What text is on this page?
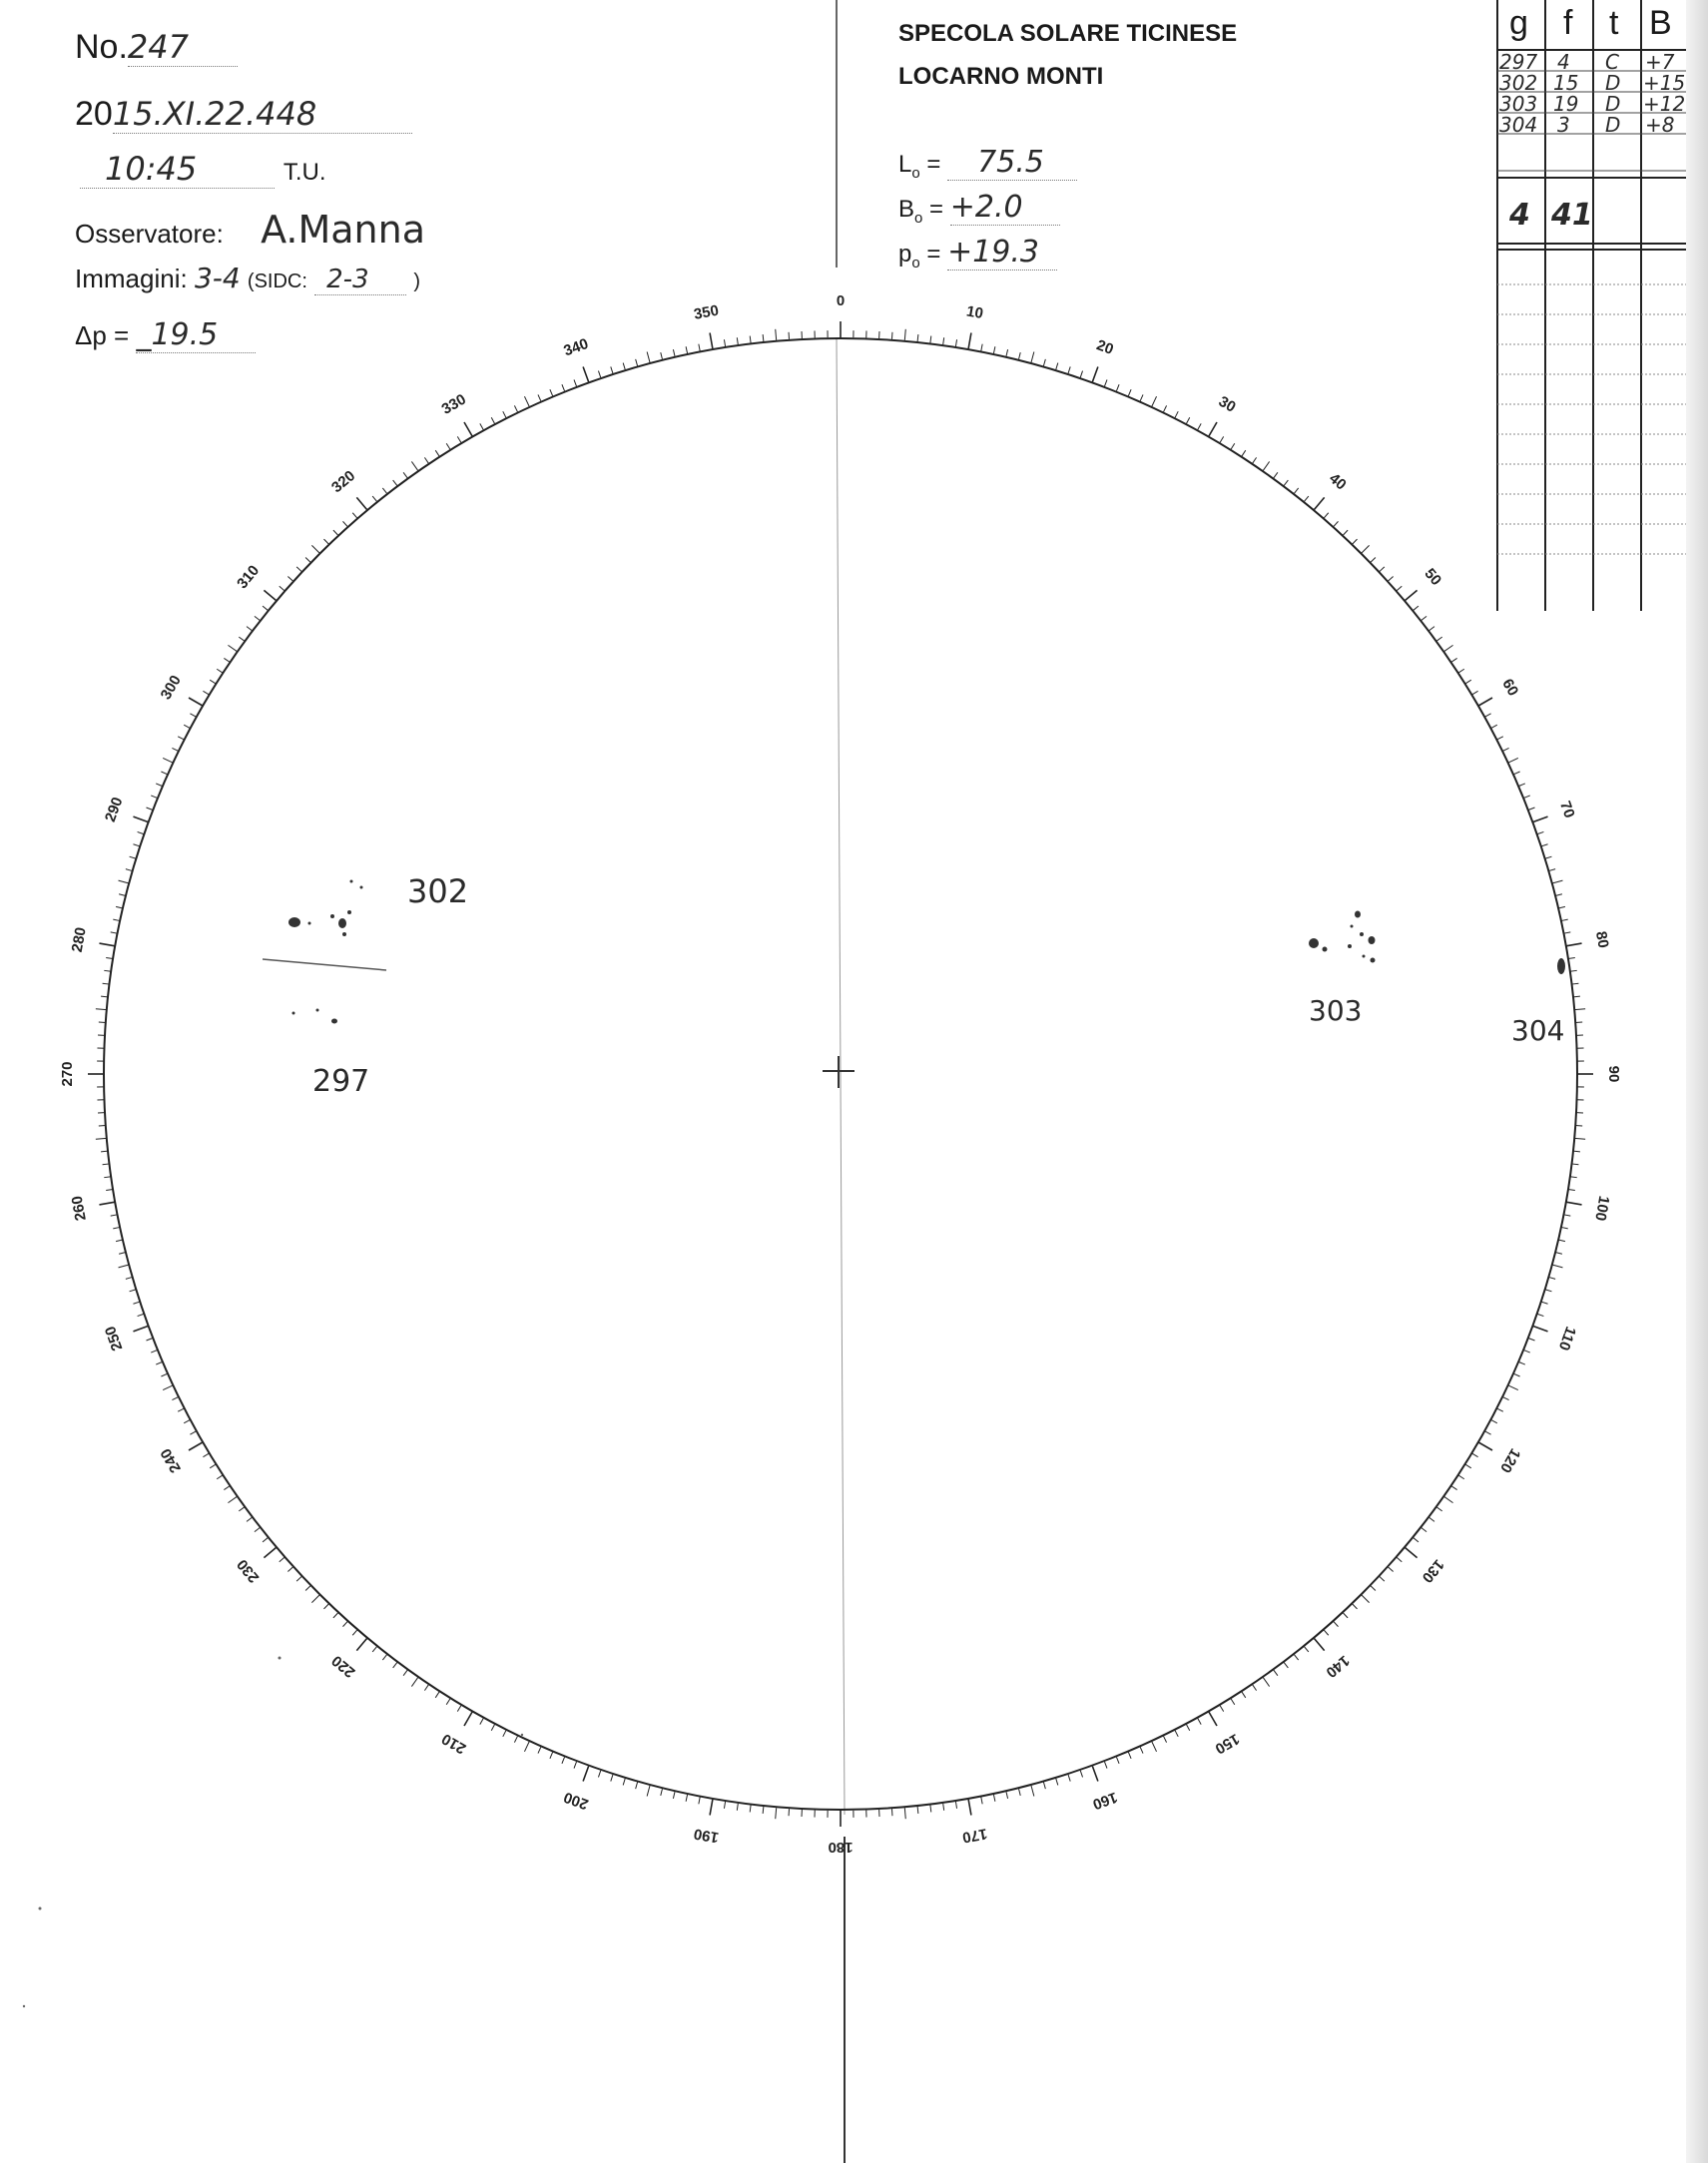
No.247
2015.XI.22.448
10:45	T.U.
Osservatore: A.Manna
Immagini: 3-4 (SIDC: 2-3 )
Δp = _19.5
SPECOLA SOLARE TICINESE
LOCARNO MONTI
$L_o = 75.5$
$B_o = +2.0$
$p_o = +19.3$
g f t B
297 4 C +7
302 15 D +15
303 19 D +12
304 3 D +8
4 41
0
10
20
30
40
50
60
70
80
90
100
110
120
130
140
150
160
170
180
190
200
210
220
230
240
250
260
270
280
290
300
310
320
330
340
350
302
297
303
304
